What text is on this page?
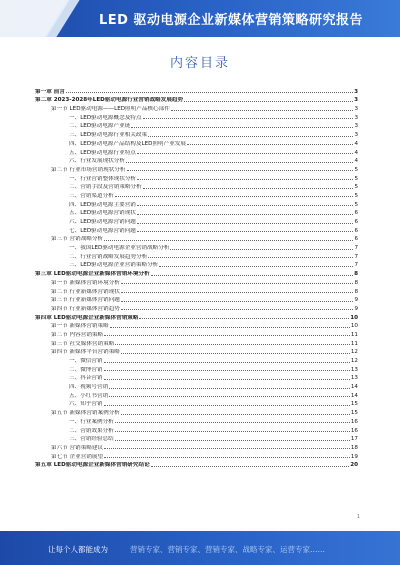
LED 驱动电源企业新媒体营销策略研究报告
内容目录
第一章 前言	3
第二章 2023-2028年LED驱动电源行业营销战略发展趋势	3
第一节 LED驱动电源——LED照明产品核心部件	3
一、LED驱动电源概念及特点	3
二、LED驱动电源产业链	3
三、LED驱动电源行业相关政策	3
四、LED驱动电源产品结构及LED照明产业发展	4
五、LED驱动电源行业特点	4
六、行业发展现状分析	4
第二节 行业市场营销现状分析	5
一、行业营销整体现状分析	5
二、营销手段及营销策略分析	5
三、营销渠道分析	5
四、LED驱动电源主要营销	5
五、LED驱动电源营销现状	6
六、LED驱动电源营销问题	6
七、LED驱动电源营销问题	6
第三节 营销战略分析	6
一、我国LED驱动电源企业营销战略分析	7
二、行业营销战略发展趋势分析	7
三、LED驱动电源企业营销策略分析	7
第三章 LED驱动电源企业新媒体营销环境分析	8
第一节 新媒体营销环境分析	8
第二节 行业新媒体营销现状	8
第三节 行业新媒体营销问题	9
第四节 行业新媒体营销趋势	9
第四章 LED驱动电源企业新媒体营销策略	10
第一节 新媒体营销策略	10
第二节 内容营销策略	11
第三节 社交媒体营销策略	11
第四节 新媒体平台营销策略	12
一、微信营销	12
二、微博营销	13
三、抖音营销	13
四、视频号营销	14
五、小红书营销	14
六、知乎营销	15
第五节 新媒体营销案例分析	15
一、行业案例分析	16
二、营销效果分析	16
三、营销经验总结	17
第六节 营销策略建议	18
第七节 企业营销展望	19
第五章 LED驱动电源企业新媒体营销研究结论	20
1
让每个人都能成为	营销专家、营销专家、营销专家、战略专家、运营专家……
